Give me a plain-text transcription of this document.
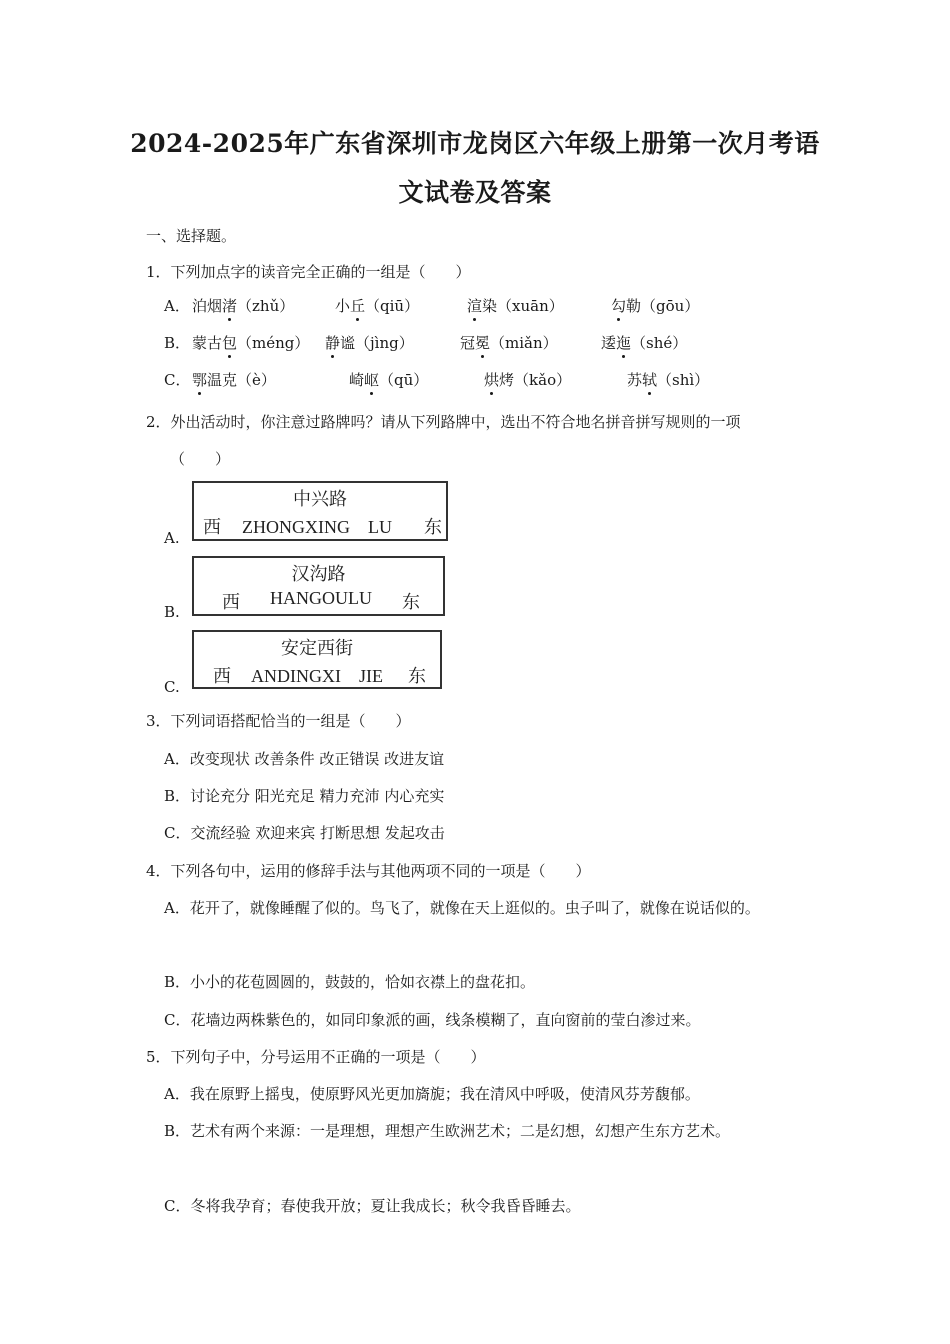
2024-2025年广东省深圳市龙岗区六年级上册第一次月考语
文试卷及答案
一、选择题。
1．下列加点字的读音完全正确的一组是（　　）
A． 泊烟渚（zhǔ）	小丘（qiū）	渲染（xuān）	勾勒（gōu）
B． 蒙古包（méng） 静谧（jìng）	冠冕（miǎn）	逶迤（shé）
C． 鄂温克（è）	崎岖（qū）	烘烤（kǎo）	苏轼（shì）
2．外出活动时，你注意过路牌吗？请从下列路牌中，选出不符合地名拼音拼写规则的一项
（　　）
A.
中兴路
西 ZHONGXING　LU 东
B.
汉沟路
西 HANGOULU 东
C.
安定西街
西 ANDINGXI　JIE 东
3．下列词语搭配恰当的一组是（　　）
A．改变现状 改善条件 改正错误 改进友谊
B．讨论充分 阳光充足 精力充沛 内心充实
C．交流经验 欢迎来宾 打断思想 发起攻击
4．下列各句中，运用的修辞手法与其他两项不同的一项是（　　）
A．花开了，就像睡醒了似的。鸟飞了，就像在天上逛似的。虫子叫了，就像在说话似的。
B．小小的花苞圆圆的，鼓鼓的，恰如衣襟上的盘花扣。
C．花墙边两株紫色的，如同印象派的画，线条模糊了，直向窗前的莹白渗过来。
5．下列句子中，分号运用不正确的一项是（　　）
A．我在原野上摇曳，使原野风光更加旖旎；我在清风中呼吸，使清风芬芳馥郁。
B．艺术有两个来源：一是理想，理想产生欧洲艺术；二是幻想，幻想产生东方艺术。
C．冬将我孕育；春使我开放；夏让我成长；秋令我昏昏睡去。
